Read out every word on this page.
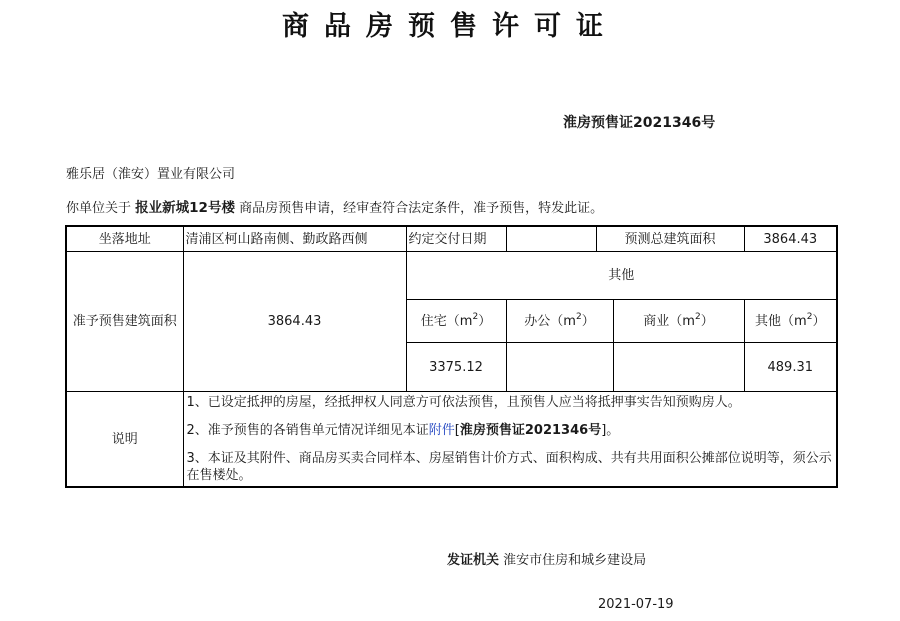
商品房预售许可证
淮房预售证2021346号
雅乐居（淮安）置业有限公司
你单位关于 报业新城12号楼 商品房预售申请，经审查符合法定条件，准予预售，特发此证。
坐落地址	清浦区柯山路南侧、勤政路西侧	约定交付日期		预测总建筑面积		3864.43
准予预售建筑面积	3864.43	其他				
		住宅$(m^2)$	办公$(m^2)$		商业$(m^2)$	其他$(m^2)$
		3375.12				489.31
说明	1、已设定抵押的房屋，经抵押权人同意方可依法预售，且预售人应当将抵押事实告知预购房人。
2、准予预售的各销售单元情况详细见本证附件[淮房预售证2021346号]。
3、本证及其附件、商品房买卖合同样本、房屋销售计价方式、面积构成、共有共用面积公摊部位说明等，须公示在售楼处。					
发证机关 淮安市住房和城乡建设局
2021-07-19
